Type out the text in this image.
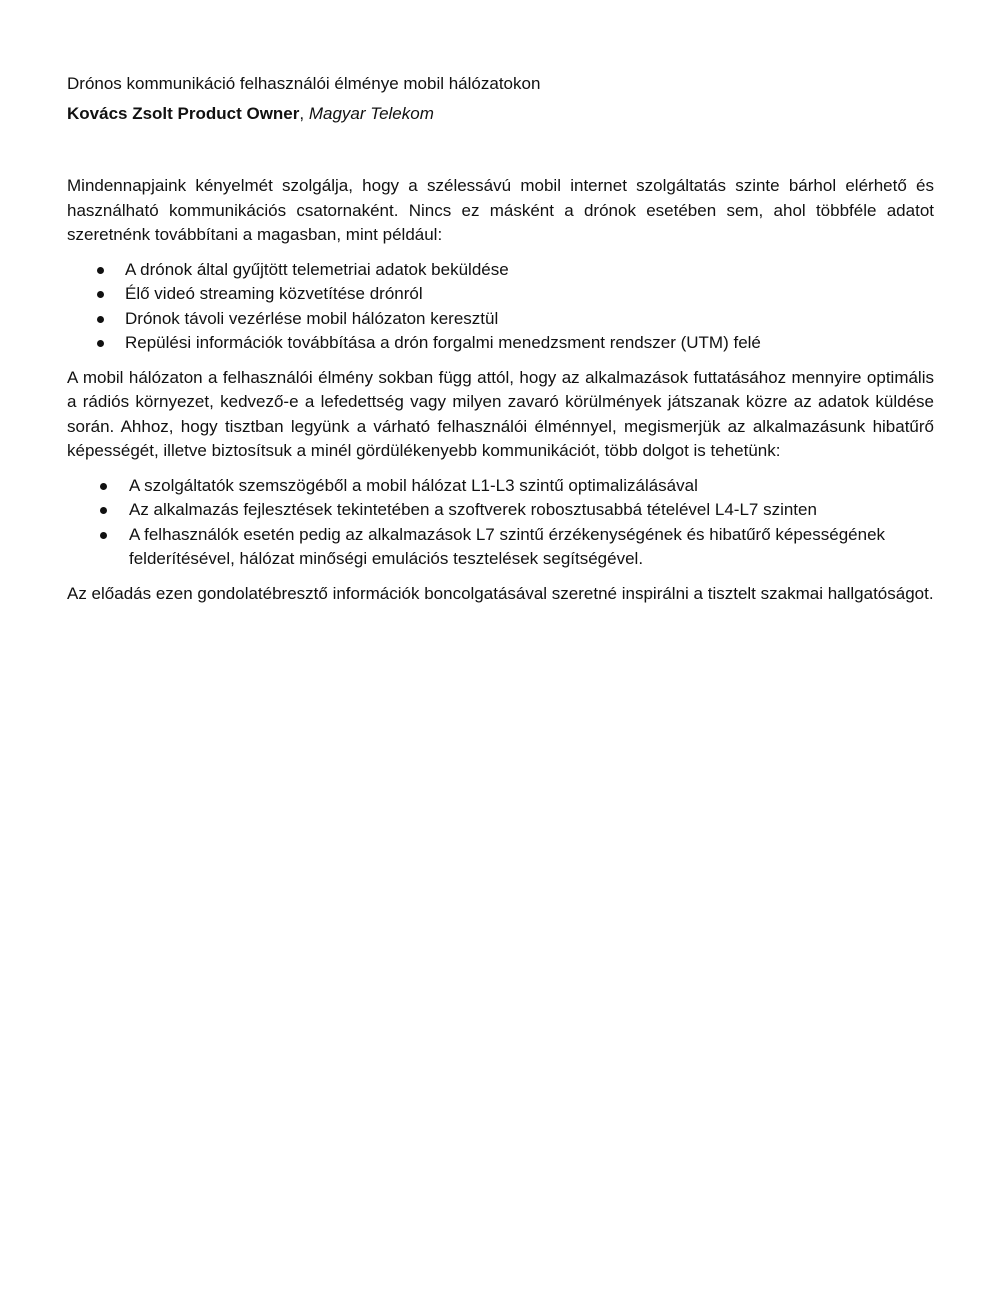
Drónos kommunikáció felhasználói élménye mobil hálózatokon
Kovács Zsolt Product Owner, Magyar Telekom

Mindennapjaink kényelmét szolgálja, hogy a szélessávú mobil internet szolgáltatás szinte bárhol elérhető és használható kommunikációs csatornaként. Nincs ez másként a drónok esetében sem, ahol többféle adatot szeretnénk továbbítani a magasban, mint például:

A drónok által gyűjtött telemetriai adatok beküldése
Élő videó streaming közvetítése drónról
Drónok távoli vezérlése mobil hálózaton keresztül
Repülési információk továbbítása a drón forgalmi menedzsment rendszer (UTM) felé

A mobil hálózaton a felhasználói élmény sokban függ attól, hogy az alkalmazások futtatásához mennyire optimális a rádiós környezet, kedvező-e a lefedettség vagy milyen zavaró körülmények játszanak közre az adatok küldése során. Ahhoz, hogy tisztban legyünk a várható felhasználói élménnyel, megismerjük az alkalmazásunk hibatűrő képességét, illetve biztosítsuk a minél gördülékenyebb kommunikációt, több dolgot is tehetünk:

A szolgáltatók szemszögéből a mobil hálózat L1-L3 szintű optimalizálásával
Az alkalmazás fejlesztések tekintetében a szoftverek robosztusabbá tételével L4-L7 szinten
A felhasználók esetén pedig az alkalmazások L7 szintű érzékenységének és hibatűrő képességének felderítésével, hálózat minőségi emulációs tesztelések segítségével.

Az előadás ezen gondolatébresztő információk boncolgatásával szeretné inspirálni a tisztelt szakmai hallgatóságot.
